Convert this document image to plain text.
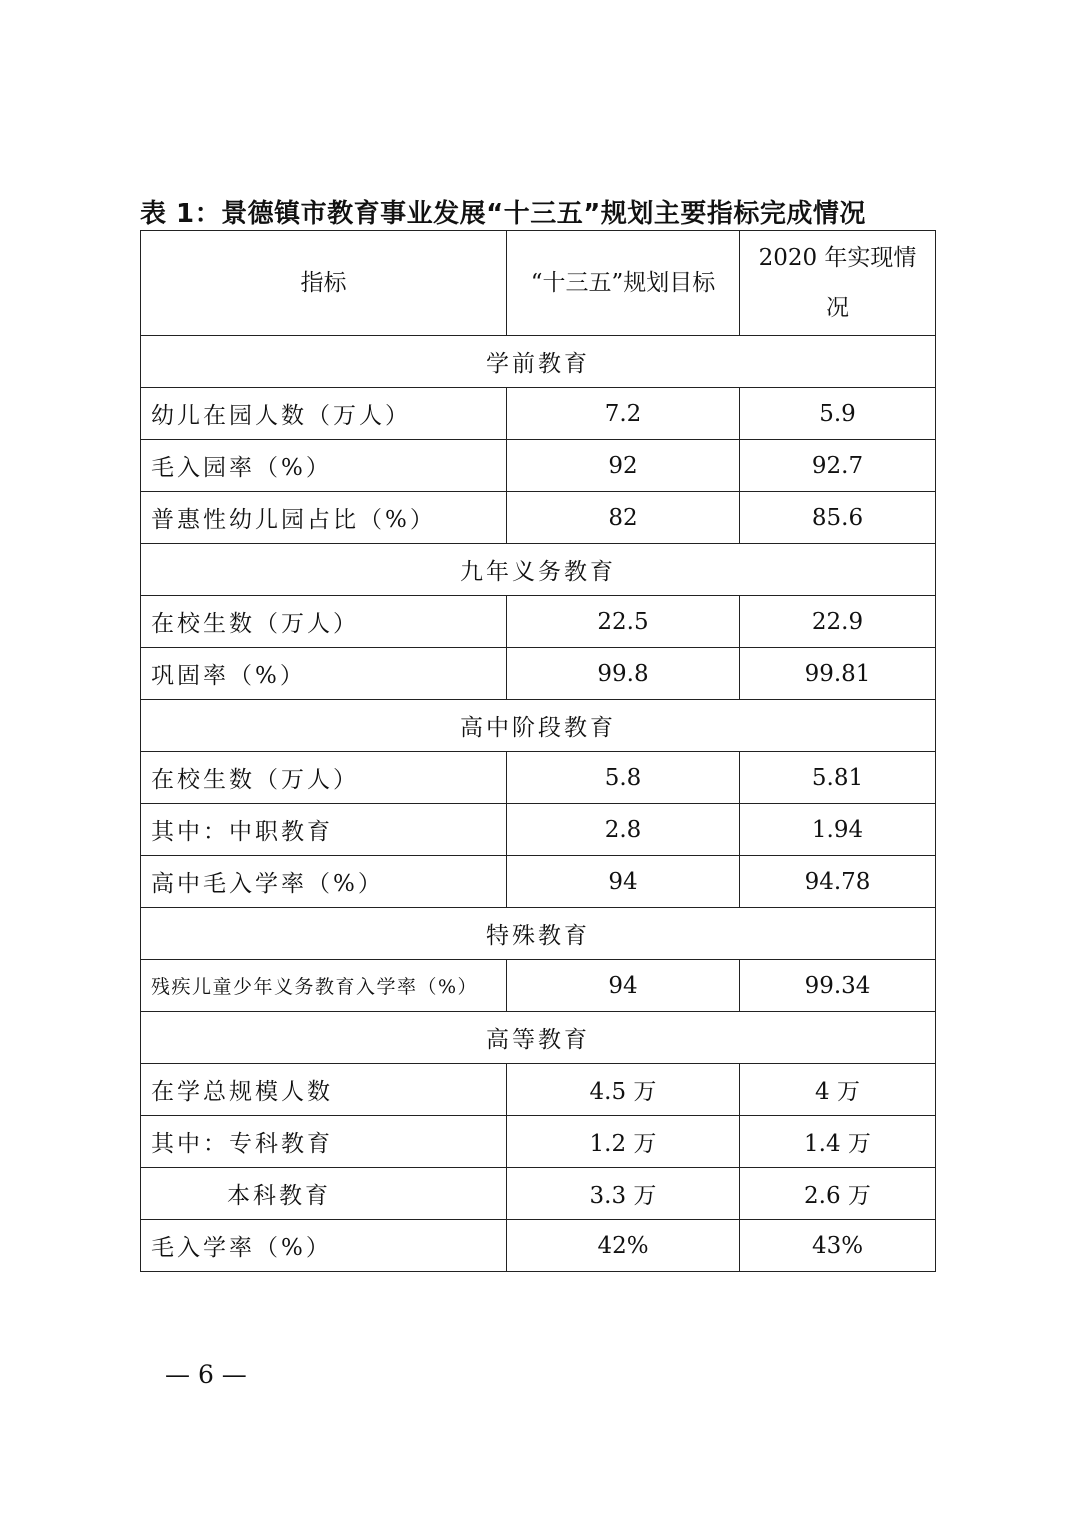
表 1：景德镇市教育事业发展“十三五”规划主要指标完成情况
指标	“十三五”规划目标	2020 年实现情况
学前教育		
幼儿在园人数（万人）	7.2	5.9
毛入园率（%）	92	92.7
普惠性幼儿园占比（%）	82	85.6
九年义务教育		
在校生数（万人）	22.5	22.9
巩固率（%）	99.8	99.81
高中阶段教育		
在校生数（万人）	5.8	5.81
其中：中职教育	2.8	1.94
高中毛入学率（%）	94	94.78
特殊教育		
残疾儿童少年义务教育入学率（%）	94	99.34
高等教育		
在学总规模人数	4.5 万	4 万
其中：专科教育	1.2 万	1.4 万
本科教育	3.3 万	2.6 万
毛入学率（%）	42%	43%
— 6 —
